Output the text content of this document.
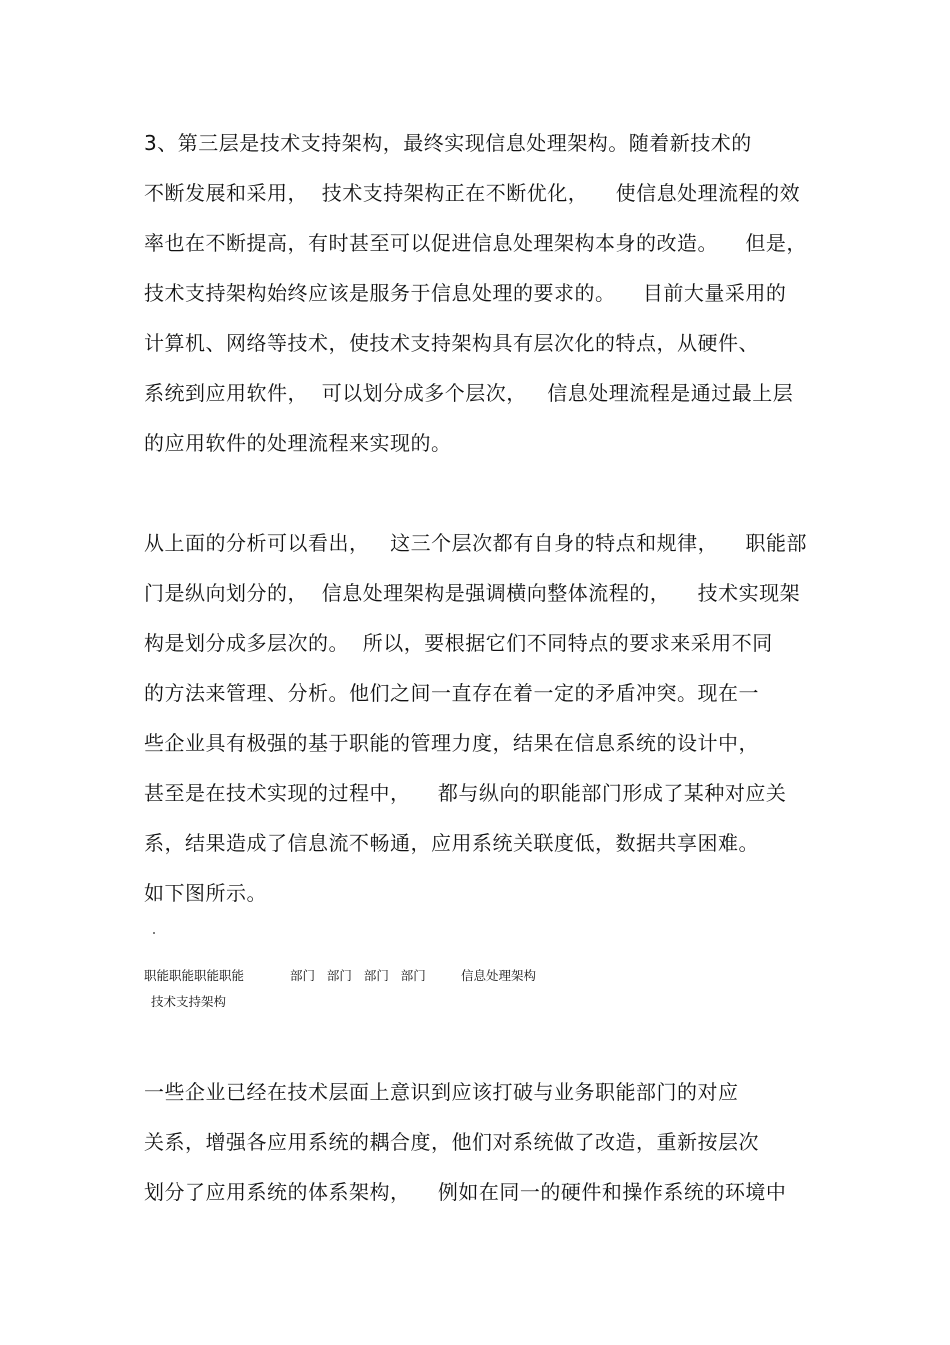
3、第三层是技术支持架构，最终实现信息处理架构。随着新技术的
不断发展和采用，  技术支持架构正在不断优化，    使信息处理流程的效
率也在不断提高，有时甚至可以促进信息处理架构本身的改造。    但是，
技术支持架构始终应该是服务于信息处理的要求的。    目前大量采用的
计算机、网络等技术，使技术支持架构具有层次化的特点，从硬件、
系统到应用软件，  可以划分成多个层次，   信息处理流程是通过最上层
的应用软件的处理流程来实现的。
从上面的分析可以看出，   这三个层次都有自身的特点和规律，    职能部
门是纵向划分的，  信息处理架构是强调横向整体流程的，    技术实现架
构是划分成多层次的。  所以，要根据它们不同特点的要求来采用不同
的方法来管理、分析。他们之间一直存在着一定的矛盾冲突。现在一
些企业具有极强的基于职能的管理力度，结果在信息系统的设计中，
甚至是在技术实现的过程中，    都与纵向的职能部门形成了某种对应关
系，结果造成了信息流不畅通，应用系统关联度低，数据共享困难。
如下图所示。
职能职能职能职能	部门   部门   部门   部门	信息处理架构
技术支持架构
一些企业已经在技术层面上意识到应该打破与业务职能部门的对应
关系，增强各应用系统的耦合度，他们对系统做了改造，重新按层次
划分了应用系统的体系架构，    例如在同一的硬件和操作系统的环境中
